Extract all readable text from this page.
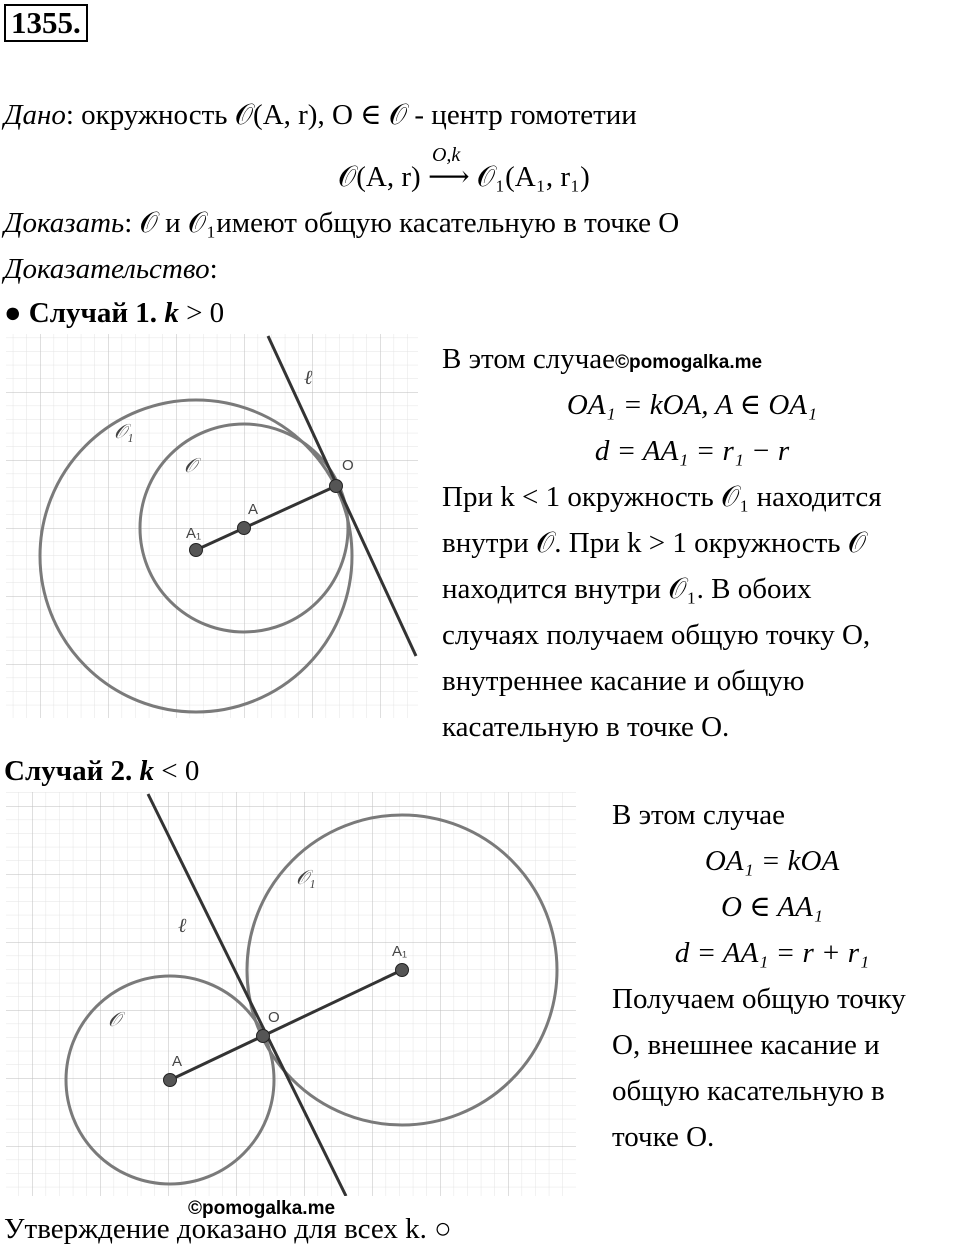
1355.
Дано: окружность 𝒪(A, r), O ∈ 𝒪 - центр гомотетии
𝒪(A, r)
O,k
⟶ 𝒪₁(A₁, r₁)
Доказать: 𝒪 и 𝒪₁имеют общую касательную в точке O
Доказательство:
● Случай 1. k > 0
ℓ
𝒪₁
𝒪	O
A
A₁
В этом случае©pomogalka.me
OA₁ = kOA, A ∈ OA₁
d = AA₁ = r₁ − r
При k < 1 окружность 𝒪₁ находится
внутри 𝒪. При k > 1 окружность 𝒪
находится внутри 𝒪₁. В обоих
случаях получаем общую точку O,
внутреннее касание и общую
касательную в точке O.
Случай 2. k < 0
ℓ
𝒪₁
𝒪	O
A
A₁
В этом случае
OA₁ = kOA
O ∈ AA₁
d = AA₁ = r + r₁
Получаем общую точку
O, внешнее касание и
общую касательную в
точке O.
©pomogalka.me
Утверждение доказано для всех k. ○
